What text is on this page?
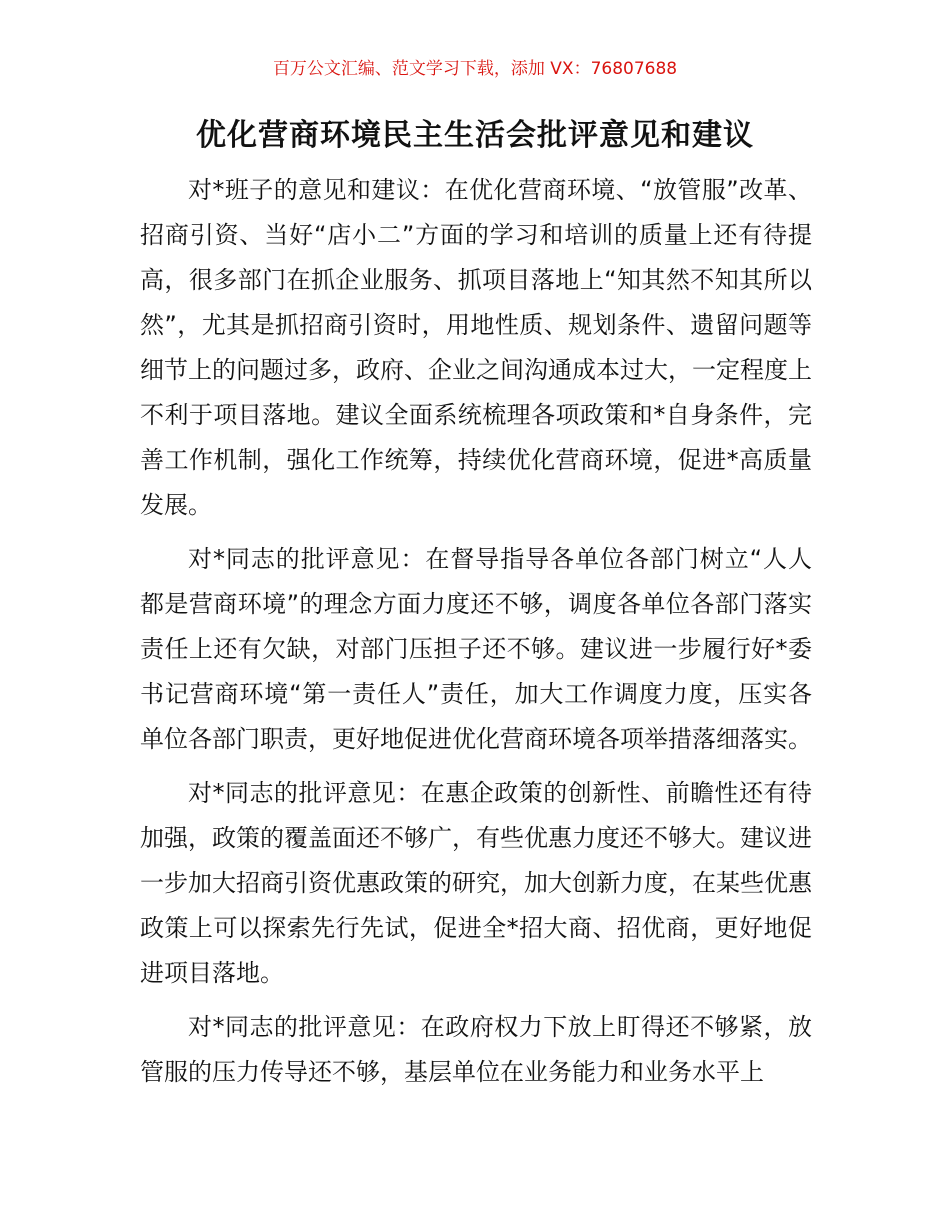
百万公文汇编、范文学习下载，添加 VX：76807688
优化营商环境民主生活会批评意见和建议

对*班子的意见和建议：在优化营商环境、“放管服”改革、招商引资、当好“店小二”方面的学习和培训的质量上还有待提高，很多部门在抓企业服务、抓项目落地上“知其然不知其所以然”，尤其是抓招商引资时，用地性质、规划条件、遗留问题等细节上的问题过多，政府、企业之间沟通成本过大，一定程度上不利于项目落地。建议全面系统梳理各项政策和*自身条件，完善工作机制，强化工作统筹，持续优化营商环境，促进*高质量发展。

对*同志的批评意见：在督导指导各单位各部门树立“人人都是营商环境”的理念方面力度还不够，调度各单位各部门落实责任上还有欠缺，对部门压担子还不够。建议进一步履行好*委书记营商环境“第一责任人”责任，加大工作调度力度，压实各单位各部门职责，更好地促进优化营商环境各项举措落细落实。

对*同志的批评意见：在惠企政策的创新性、前瞻性还有待加强，政策的覆盖面还不够广，有些优惠力度还不够大。建议进一步加大招商引资优惠政策的研究，加大创新力度，在某些优惠政策上可以探索先行先试，促进全*招大商、招优商，更好地促进项目落地。

对*同志的批评意见：在政府权力下放上盯得还不够紧，放管服的压力传导还不够，基层单位在业务能力和业务水平上
